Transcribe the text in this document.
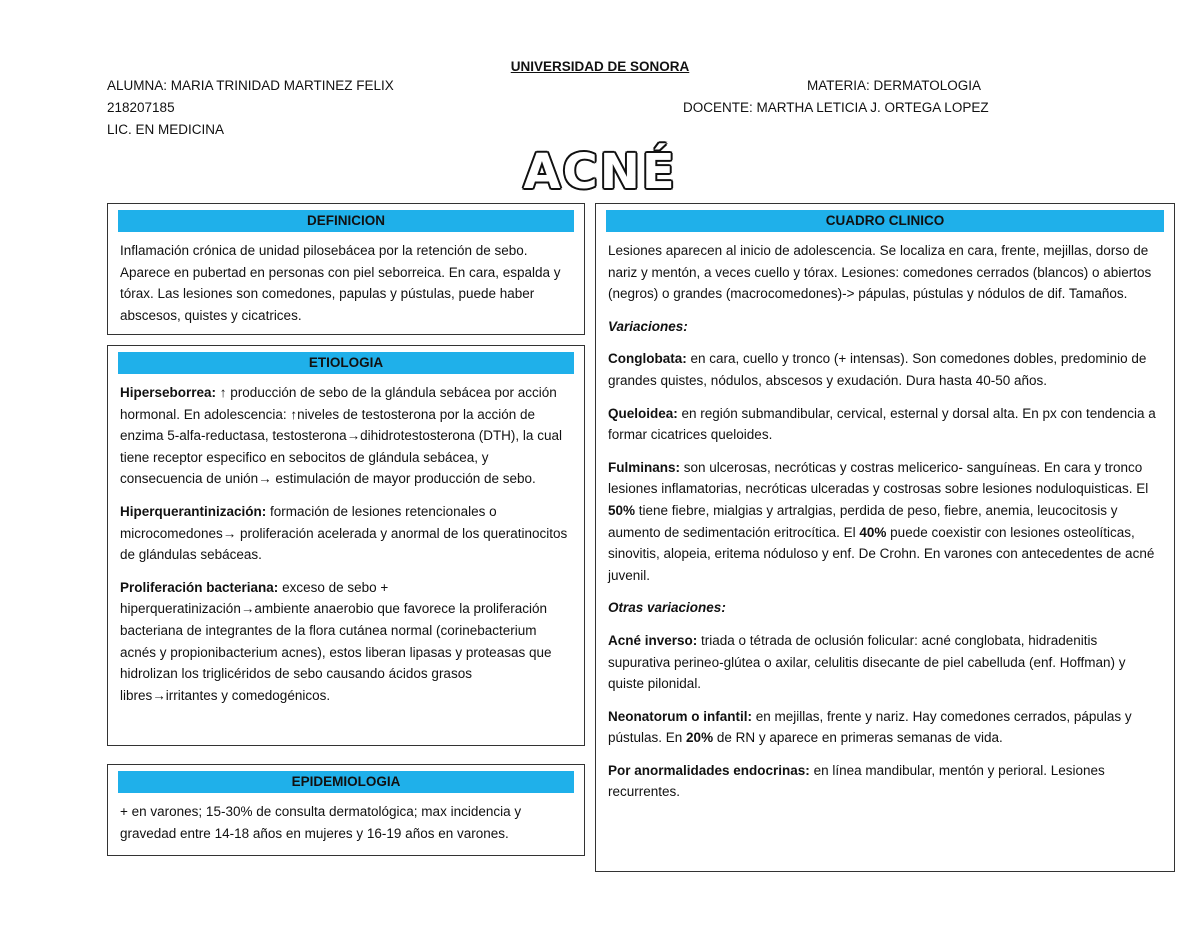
UNIVERSIDAD DE SONORA
ALUMNA: MARIA TRINIDAD MARTINEZ FELIX
218207185
LIC. EN MEDICINA
MATERIA: DERMATOLOGIA
DOCENTE: MARTHA LETICIA J. ORTEGA LOPEZ
ACNÉ
DEFINICION

Inflamación crónica de unidad pilosebácea por la retención de sebo. Aparece en pubertad en personas con piel seborreica. En cara, espalda y tórax. Las lesiones son comedones, papulas y pústulas, puede haber abscesos, quistes y cicatrices.

ETIOLOGIA

Hiperseborrea: ↑ producción de sebo de la glándula sebácea por acción hormonal. En adolescencia: ↑niveles de testosterona por la acción de enzima 5-alfa-reductasa, testosterona→dihidrotestosterona (DTH), la cual tiene receptor especifico en sebocitos de glándula sebácea, y consecuencia de unión→ estimulación de mayor producción de sebo.

Hiperquerantinización: formación de lesiones retencionales o microcomedones→ proliferación acelerada y anormal de los queratinocitos de glándulas sebáceas.

Proliferación bacteriana: exceso de sebo + hiperqueratinización→ambiente anaerobio que favorece la proliferación bacteriana de integrantes de la flora cutánea normal (corinebacterium acnés y propionibacterium acnes), estos liberan lipasas y proteasas que hidrolizan los triglicéridos de sebo causando ácidos grasos libres→irritantes y comedogénicos.

EPIDEMIOLOGIA

+ en varones; 15-30% de consulta dermatológica; max incidencia y gravedad entre 14-18 años en mujeres y 16-19 años en varones.

CUADRO CLINICO

Lesiones aparecen al inicio de adolescencia. Se localiza en cara, frente, mejillas, dorso de nariz y mentón, a veces cuello y tórax. Lesiones: comedones cerrados (blancos) o abiertos (negros) o grandes (macrocomedones)-> pápulas, pústulas y nódulos de dif. Tamaños.

Variaciones:

Conglobata: en cara, cuello y tronco (+ intensas). Son comedones dobles, predominio de grandes quistes, nódulos, abscesos y exudación. Dura hasta 40-50 años.

Queloidea: en región submandibular, cervical, esternal y dorsal alta. En px con tendencia a formar cicatrices queloides.

Fulminans: son ulcerosas, necróticas y costras melicerico- sanguíneas. En cara y tronco lesiones inflamatorias, necróticas ulceradas y costrosas sobre lesiones noduloquisticas. El 50% tiene fiebre, mialgias y artralgias, perdida de peso, fiebre, anemia, leucocitosis y aumento de sedimentación eritrocítica. El 40% puede coexistir con lesiones osteolíticas, sinovitis, alopeia, eritema nóduloso y enf. De Crohn. En varones con antecedentes de acné juvenil.

Otras variaciones:

Acné inverso: triada o tétrada de oclusión folicular: acné conglobata, hidradenitis supurativa perineo-glútea o axilar, celulitis disecante de piel cabelluda (enf. Hoffman) y quiste pilonidal.

Neonatorum o infantil: en mejillas, frente y nariz. Hay comedones cerrados, pápulas y pústulas. En 20% de RN y aparece en primeras semanas de vida.

Por anormalidades endocrinas: en línea mandibular, mentón y perioral. Lesiones recurrentes.
